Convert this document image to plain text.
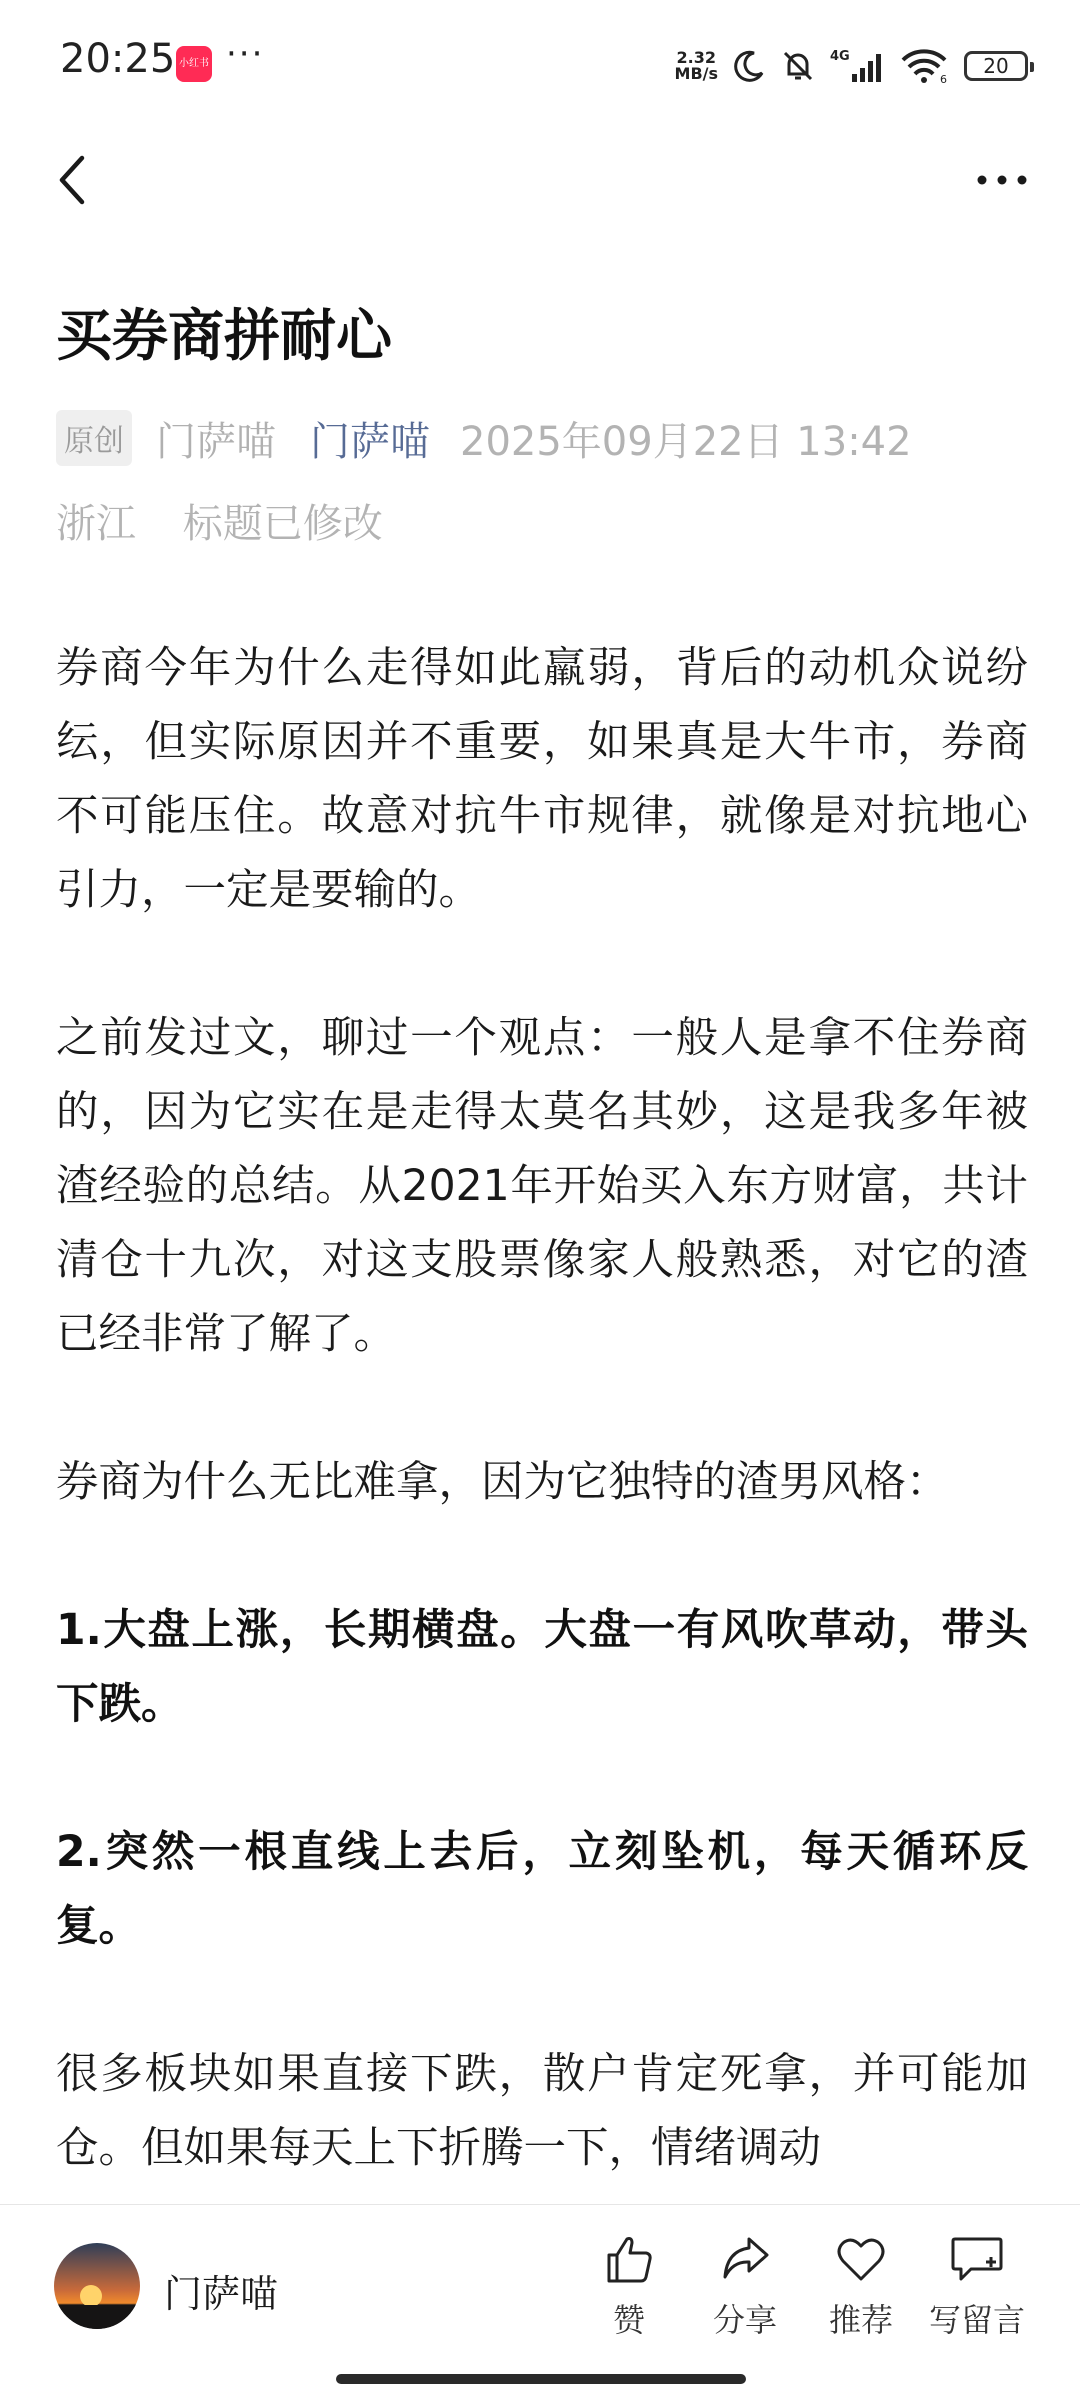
20:25 小红书 ···	2.32
MB/s
4G
6
20
买券商拼耐心
原创 门萨喵 门萨喵 2025年09月22日 13:42
浙江 标题已修改

券商今年为什么走得如此羸弱，背后的动机众说纷纭，但实际原因并不重要，如果真是大牛市，券商不可能压住。故意对抗牛市规律，就像是对抗地心引力，一定是要输的。

之前发过文，聊过一个观点：一般人是拿不住券商的，因为它实在是走得太莫名其妙，这是我多年被渣经验的总结。从2021年开始买入东方财富，共计清仓十九次，对这支股票像家人般熟悉，对它的渣已经非常了解了。

券商为什么无比难拿，因为它独特的渣男风格：

1.大盘上涨，长期横盘。大盘一有风吹草动，带头下跌。

2.突然一根直线上去后，立刻坠机，每天循环反复。

很多板块如果直接下跌，散户肯定死拿，并可能加仓。但如果每天上下折腾一下，情绪调动

门萨喵
赞	分享	推荐	写留言
